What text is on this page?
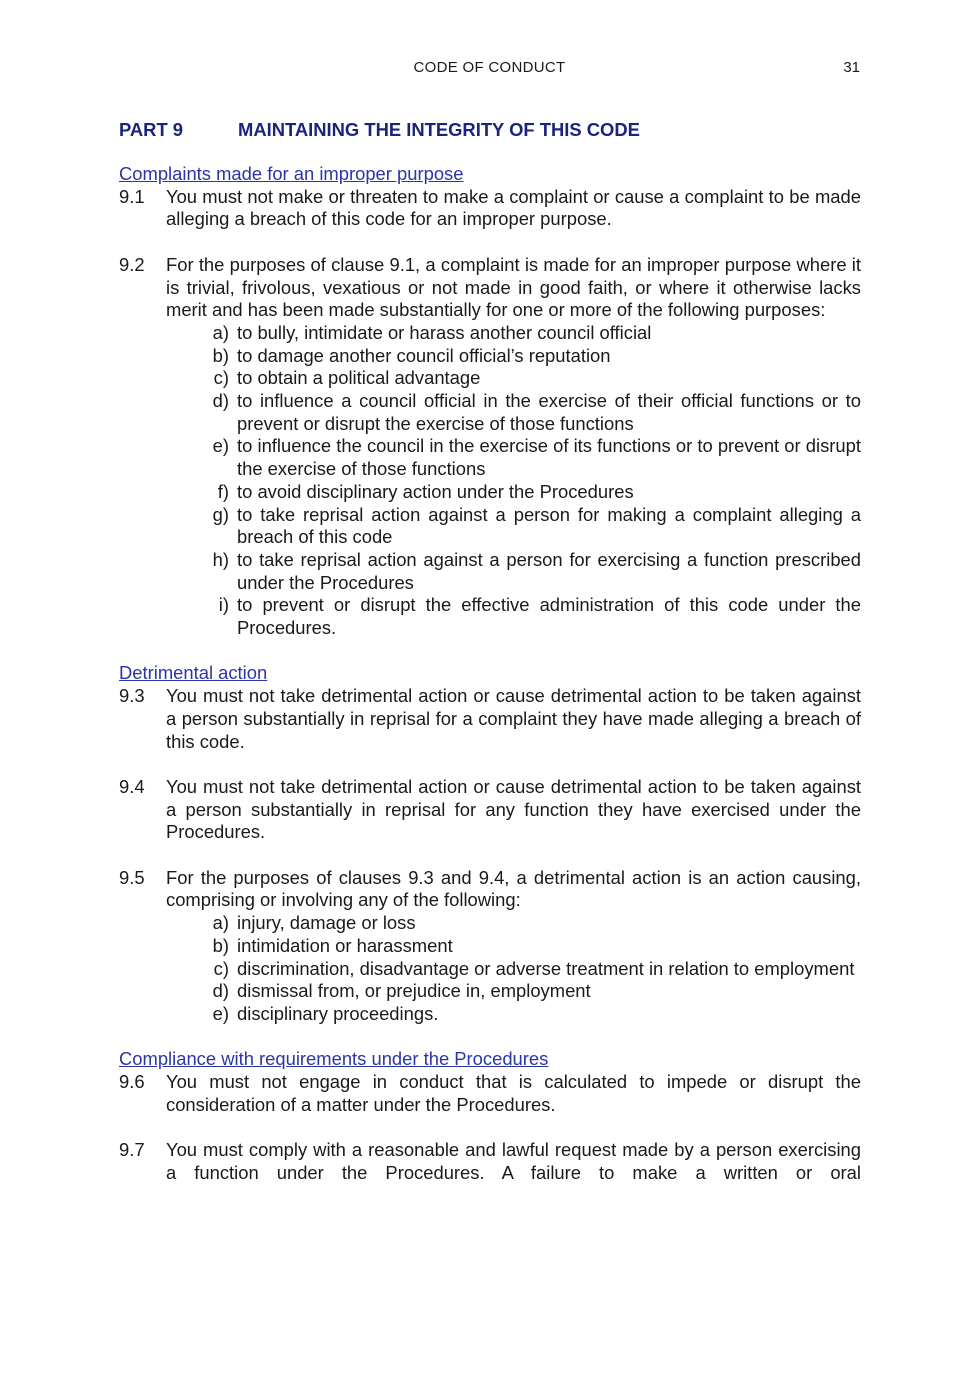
CODE OF CONDUCT	31
PART 9	MAINTAINING THE INTEGRITY OF THIS CODE

Complaints made for an improper purpose

9.1	You must not make or threaten to make a complaint or cause a complaint to be made alleging a breach of this code for an improper purpose.

9.2	For the purposes of clause 9.1, a complaint is made for an improper purpose where it is trivial, frivolous, vexatious or not made in good faith, or where it otherwise lacks merit and has been made substantially for one or more of the following purposes:

a) to bully, intimidate or harass another council official
b) to damage another council official’s reputation
c) to obtain a political advantage
d) to influence a council official in the exercise of their official functions or to prevent or disrupt the exercise of those functions
e) to influence the council in the exercise of its functions or to prevent or disrupt the exercise of those functions
f) to avoid disciplinary action under the Procedures
g) to take reprisal action against a person for making a complaint alleging a breach of this code
h) to take reprisal action against a person for exercising a function prescribed under the Procedures
i) to prevent or disrupt the effective administration of this code under the Procedures.

Detrimental action

9.3	You must not take detrimental action or cause detrimental action to be taken against a person substantially in reprisal for a complaint they have made alleging a breach of this code.

9.4	You must not take detrimental action or cause detrimental action to be taken against a person substantially in reprisal for any function they have exercised under the Procedures.

9.5	For the purposes of clauses 9.3 and 9.4, a detrimental action is an action causing, comprising or involving any of the following:

a) injury, damage or loss
b) intimidation or harassment
c) discrimination, disadvantage or adverse treatment in relation to employment
d) dismissal from, or prejudice in, employment
e) disciplinary proceedings.

Compliance with requirements under the Procedures

9.6	You must not engage in conduct that is calculated to impede or disrupt the consideration of a matter under the Procedures.

9.7	You must comply with a reasonable and lawful request made by a person exercising a function under the Procedures. A failure to make a written or oral
